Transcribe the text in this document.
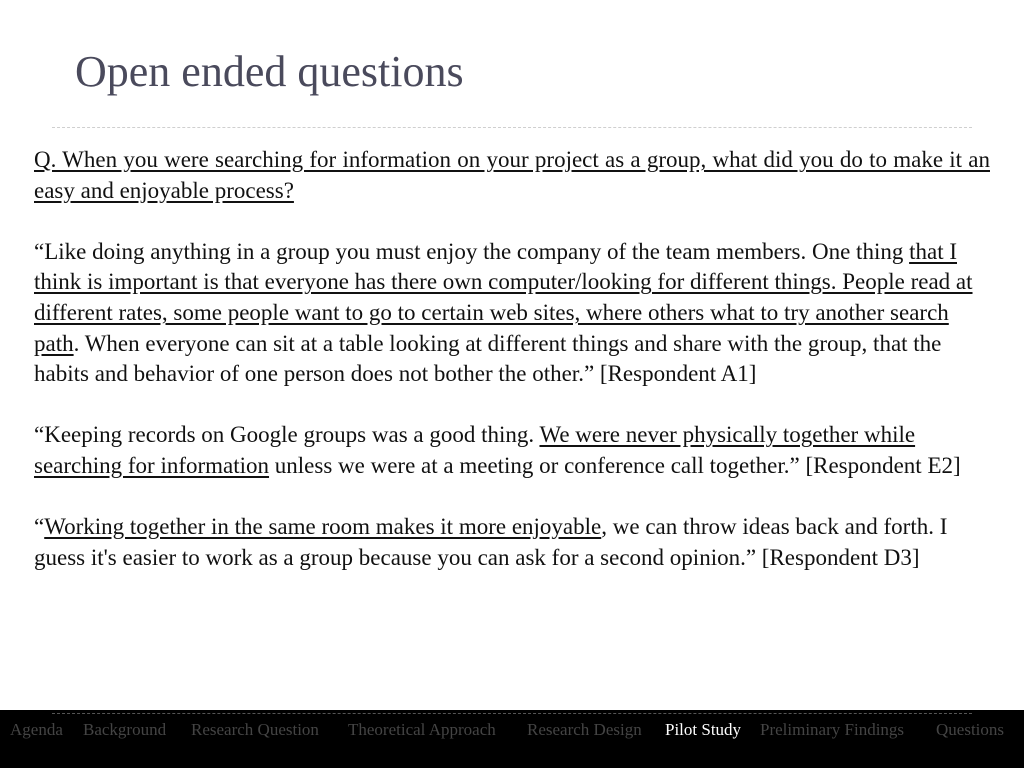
Open ended questions

Q. When you were searching for information on your project as a group, what did you do to make it an easy and enjoyable process?

“Like doing anything in a group you must enjoy the company of the team members. One thing that I think is important is that everyone has there own computer/looking for different things. People read at different rates, some people want to go to certain web sites, where others what to try another search path. When everyone can sit at a table looking at different things and share with the group, that the habits and behavior of one person does not bother the other.” [Respondent A1]

“Keeping records on Google groups was a good thing. We were never physically together while searching for information unless we were at a meeting or conference call together.” [Respondent E2]

“Working together in the same room makes it more enjoyable, we can throw ideas back and forth. I guess it's easier to work as a group because you can ask for a second opinion.” [Respondent D3]

Agenda Background Research Question Theoretical Approach Research Design Pilot Study Preliminary Findings Questions
